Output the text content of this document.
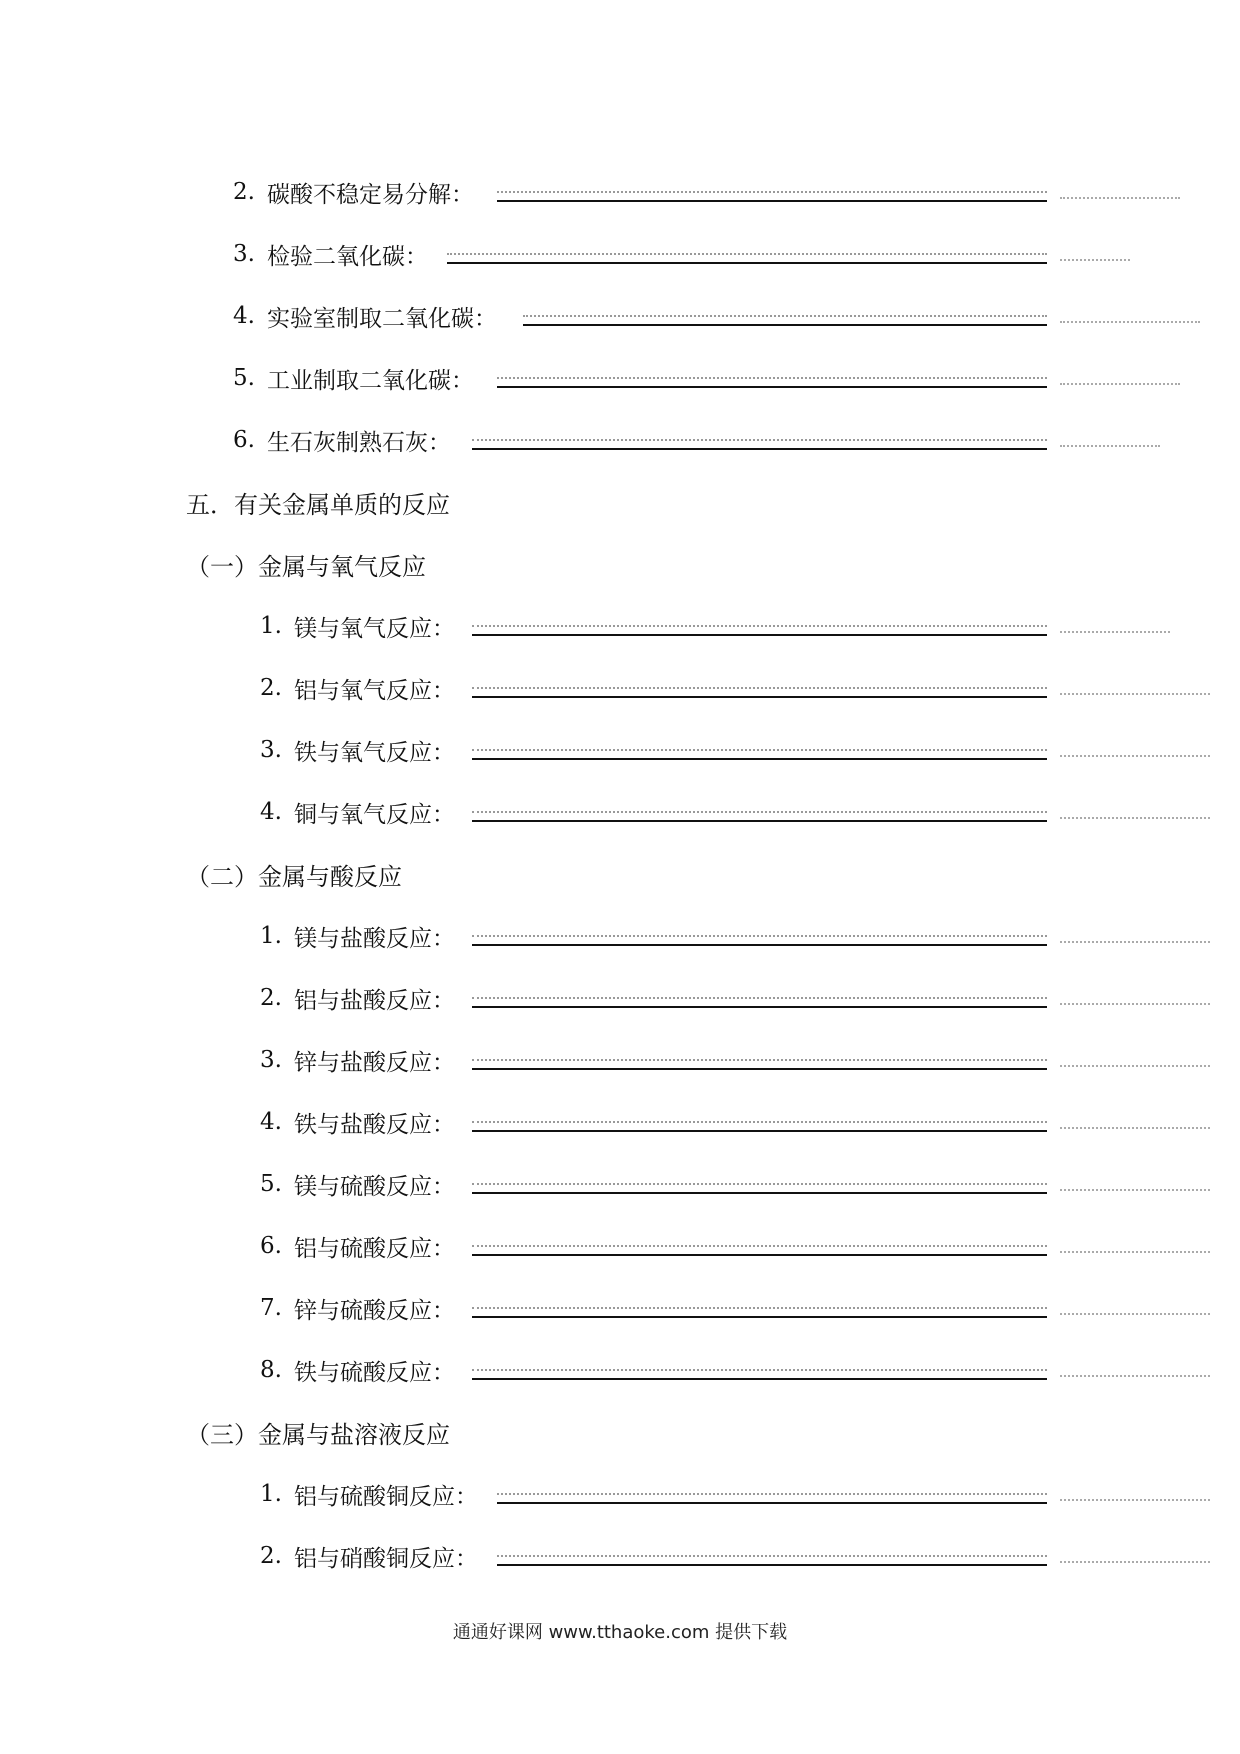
2. 碳酸不稳定易分解：
3. 检验二氧化碳：
4. 实验室制取二氧化碳：
5. 工业制取二氧化碳：
6. 生石灰制熟石灰：
五．有关金属单质的反应
（一）金属与氧气反应
1. 镁与氧气反应：
2. 铝与氧气反应：
3. 铁与氧气反应：
4. 铜与氧气反应：
（二）金属与酸反应
1. 镁与盐酸反应：
2. 铝与盐酸反应：
3. 锌与盐酸反应：
4. 铁与盐酸反应：
5. 镁与硫酸反应：
6. 铝与硫酸反应：
7. 锌与硫酸反应：
8. 铁与硫酸反应：
（三）金属与盐溶液反应
1. 铝与硫酸铜反应：
2. 铝与硝酸铜反应：
通通好课网 www.tthaoke.com 提供下载
